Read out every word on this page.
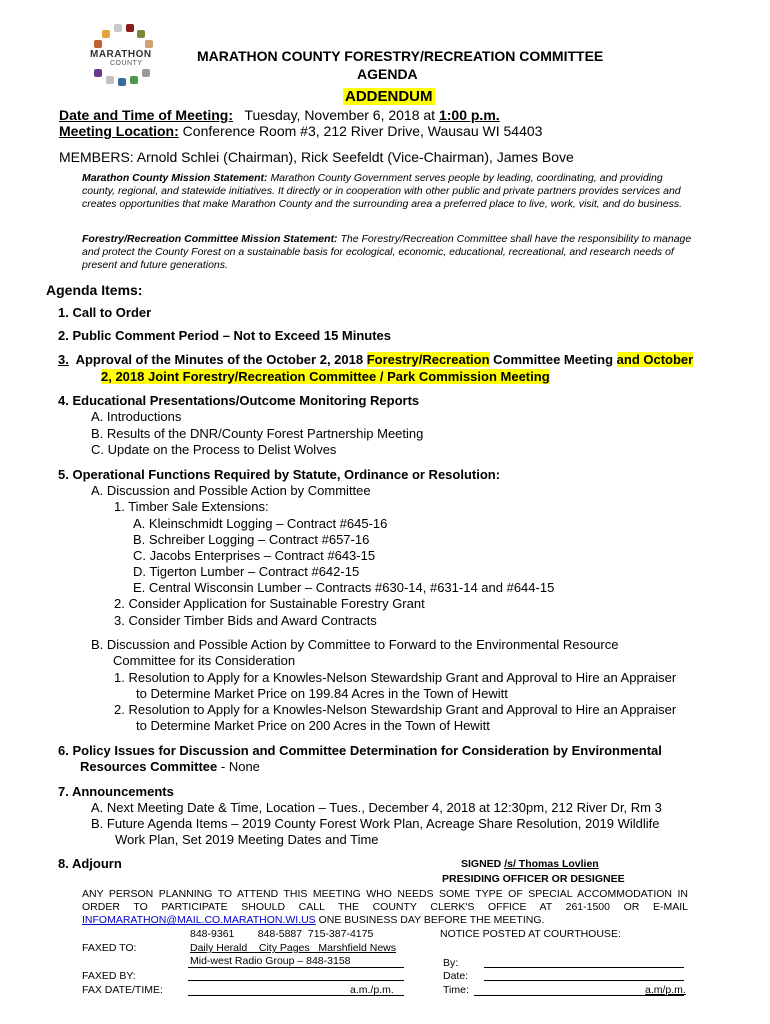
MARATHON
COUNTY	MARATHON COUNTY FORESTRY/RECREATION COMMITTEE
AGENDA
ADDENDUM
Date and Time of Meeting: Tuesday, November 6, 2018 at 1:00 p.m.
Meeting Location: Conference Room #3, 212 River Drive, Wausau WI 54403
MEMBERS: Arnold Schlei (Chairman), Rick Seefeldt (Vice-Chairman), James Bove
Marathon County Mission Statement: Marathon County Government serves people by leading, coordinating, and providing county, regional, and statewide initiatives. It directly or in cooperation with other public and private partners provides services and creates opportunities that make Marathon County and the surrounding area a preferred place to live, work, visit, and do business.
Forestry/Recreation Committee Mission Statement: The Forestry/Recreation Committee shall have the responsibility to manage and protect the County Forest on a sustainable basis for ecological, economic, educational, recreational, and research needs of present and future generations.
Agenda Items:
1. Call to Order
2. Public Comment Period – Not to Exceed 15 Minutes
3. Approval of the Minutes of the October 2, 2018 Forestry/Recreation Committee Meeting and October
2, 2018 Joint Forestry/Recreation Committee / Park Commission Meeting
4. Educational Presentations/Outcome Monitoring Reports
A. Introductions
B. Results of the DNR/County Forest Partnership Meeting
C. Update on the Process to Delist Wolves
5. Operational Functions Required by Statute, Ordinance or Resolution:
A. Discussion and Possible Action by Committee
1. Timber Sale Extensions:
A. Kleinschmidt Logging – Contract #645-16
B. Schreiber Logging – Contract #657-16
C. Jacobs Enterprises – Contract #643-15
D. Tigerton Lumber – Contract #642-15
E. Central Wisconsin Lumber – Contracts #630-14, #631-14 and #644-15
2. Consider Application for Sustainable Forestry Grant
3. Consider Timber Bids and Award Contracts
B. Discussion and Possible Action by Committee to Forward to the Environmental Resource
Committee for its Consideration
1. Resolution to Apply for a Knowles-Nelson Stewardship Grant and Approval to Hire an Appraiser
to Determine Market Price on 199.84 Acres in the Town of Hewitt
2. Resolution to Apply for a Knowles-Nelson Stewardship Grant and Approval to Hire an Appraiser
to Determine Market Price on 200 Acres in the Town of Hewitt
6. Policy Issues for Discussion and Committee Determination for Consideration by Environmental
Resources Committee - None
7. Announcements
A. Next Meeting Date & Time, Location – Tues., December 4, 2018 at 12:30pm, 212 River Dr, Rm 3
B. Future Agenda Items – 2019 County Forest Work Plan, Acreage Share Resolution, 2019 Wildlife
Work Plan, Set 2019 Meeting Dates and Time
8. Adjourn	SIGNED /s/ Thomas Lovlien
PRESIDING OFFICER OR DESIGNEE
ANY PERSON PLANNING TO ATTEND THIS MEETING WHO NEEDS SOME TYPE OF SPECIAL ACCOMMODATION IN
ORDER TO PARTICIPATE SHOULD CALL THE COUNTY CLERK'S OFFICE AT 261-1500 OR E-MAIL
INFOMARATHON@MAIL.CO.MARATHON.WI.US ONE BUSINESS DAY BEFORE THE MEETING.
848-9361        848-5887  715-387-4175	NOTICE POSTED AT COURTHOUSE:
FAXED TO:	Daily Herald    City Pages   Marshfield News
Mid-west Radio Group – 848-3158	By:
Date:
FAXED BY:
FAX DATE/TIME:	a.m./p.m.	Time:	a.m/p.m.
